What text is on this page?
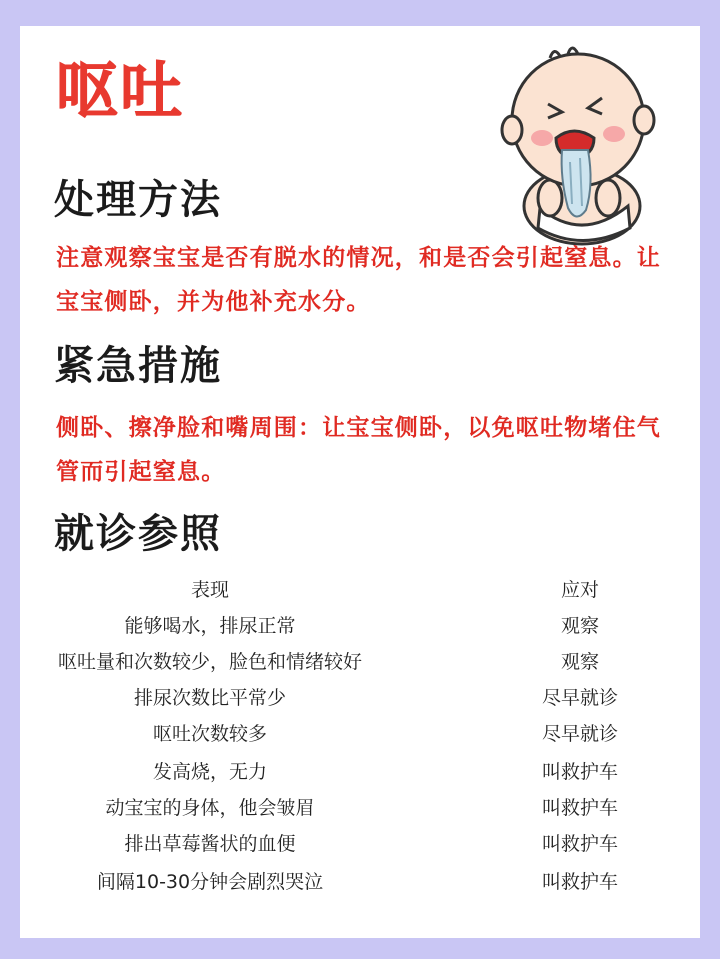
呕吐
处理方法
注意观察宝宝是否有脱水的情况，和是否会引起窒息。让宝宝侧卧，并为他补充水分。
紧急措施
侧卧、擦净脸和嘴周围：让宝宝侧卧，以免呕吐物堵住气管而引起窒息。
就诊参照
表现	应对
能够喝水，排尿正常	观察
呕吐量和次数较少，脸色和情绪较好	观察
排尿次数比平常少	尽早就诊
呕吐次数较多	尽早就诊
发高烧，无力	叫救护车
动宝宝的身体，他会皱眉	叫救护车
排出草莓酱状的血便	叫救护车
间隔10-30分钟会剧烈哭泣	叫救护车
